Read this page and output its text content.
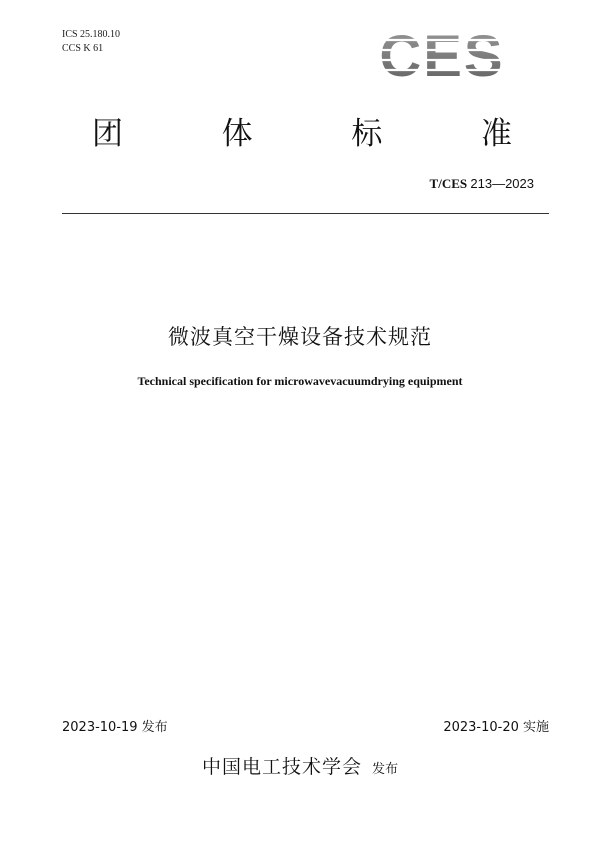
ICS 25.180.10
CCS K 61	CES
团	体	标	准
T/CES 213—2023
微波真空干燥设备技术规范
Technical specification for microwavevacuumdrying equipment
2023-10-19 发布	2023-10-20 实施
中国电工技术学会 发布
